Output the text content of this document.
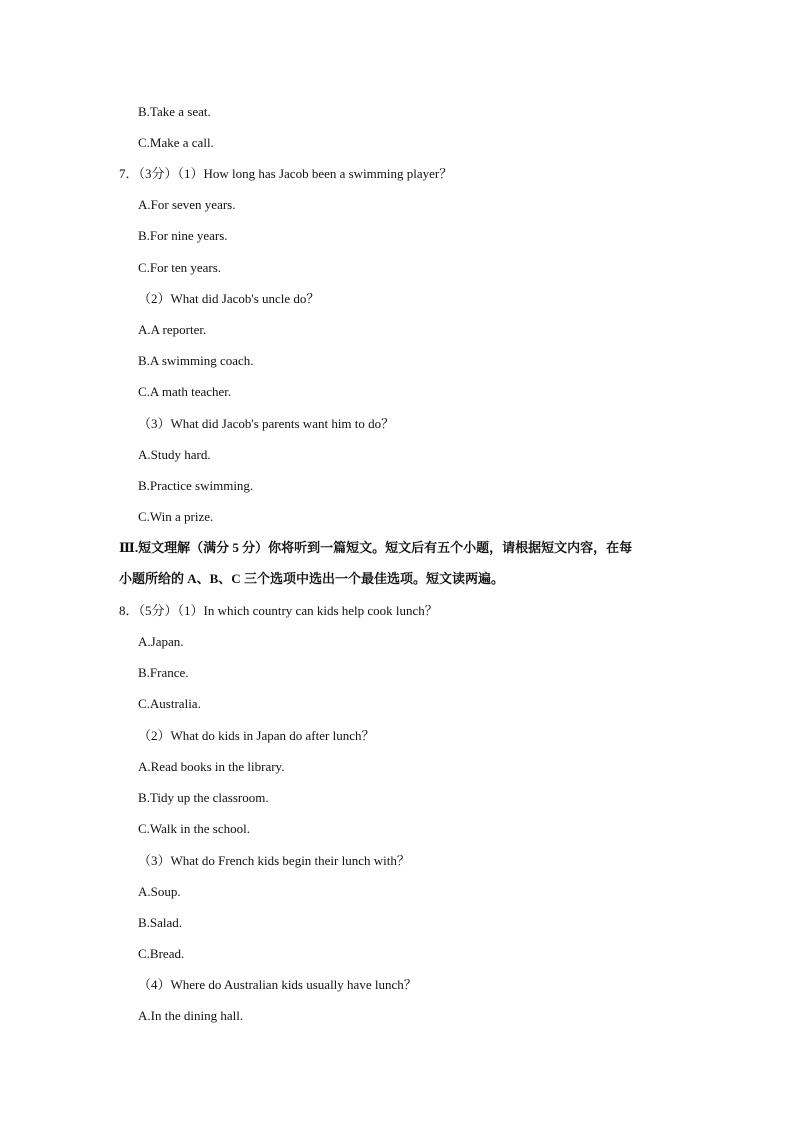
B.Take a seat.
C.Make a call.
7．（3分）（1）How long has Jacob been a swimming player？
A.For seven years.
B.For nine years.
C.For ten years.
（2）What did Jacob's uncle do？
A.A reporter.
B.A swimming coach.
C.A math teacher.
（3）What did Jacob's parents want him to do？
A.Study hard.
B.Practice swimming.
C.Win a prize.
Ⅲ.短文理解（满分 5 分）你将听到一篇短文。短文后有五个小题，请根据短文内容，在每
小题所给的 A、B、C 三个选项中选出一个最佳选项。短文读两遍。
8．（5分）（1）In which country can kids help cook lunch？
A.Japan.
B.France.
C.Australia.
（2）What do kids in Japan do after lunch？
A.Read books in the library.
B.Tidy up the classroom.
C.Walk in the school.
（3）What do French kids begin their lunch with？
A.Soup.
B.Salad.
C.Bread.
（4）Where do Australian kids usually have lunch？
A.In the dining hall.
